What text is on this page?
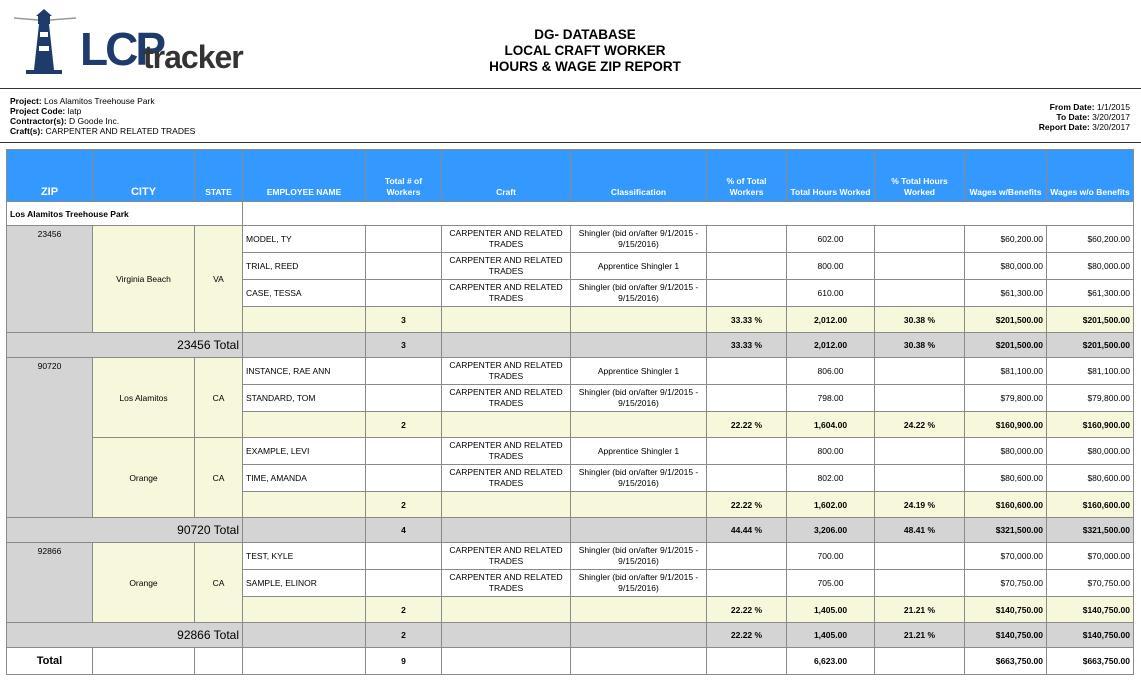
LCP
tracker
DG- DATABASE
LOCAL CRAFT WORKER
HOURS & WAGE ZIP REPORT
Project: Los Alamitos Treehouse Park
Project Code: latp
Contractor(s): D Goode Inc.
Craft(s): CARPENTER AND RELATED TRADES
From Date: 1/1/2015
To Date: 3/20/2017
Report Date: 3/20/2017
ZIP	CITY	STATE	EMPLOYEE NAME	Total # of Workers	Craft	Classification	% of Total Workers	Total Hours Worked	% Total Hours Worked	Wages w/Benefits	Wages w/o Benefits
Los Alamitos Treehouse Park											
23456	Virginia Beach	VA	MODEL, TY		CARPENTER AND RELATED TRADES	Shingler (bid on/after 9/1/2015 - 9/15/2016)		602.00		$60,200.00	$60,200.00
			TRIAL, REED		CARPENTER AND RELATED TRADES	Apprentice Shingler 1		800.00		$80,000.00	$80,000.00
			CASE, TESSA		CARPENTER AND RELATED TRADES	Shingler (bid on/after 9/1/2015 - 9/15/2016)		610.00		$61,300.00	$61,300.00
				3			33.33 %	2,012.00	30.38 %	$201,500.00	$201,500.00
23456 Total				3			33.33 %	2,012.00	30.38 %	$201,500.00	$201,500.00
90720	Los Alamitos	CA	INSTANCE, RAE ANN		CARPENTER AND RELATED TRADES	Apprentice Shingler 1		806.00		$81,100.00	$81,100.00
			STANDARD, TOM		CARPENTER AND RELATED TRADES	Shingler (bid on/after 9/1/2015 - 9/15/2016)		798.00		$79,800.00	$79,800.00
				2			22.22 %	1,604.00	24.22 %	$160,900.00	$160,900.00
	Orange	CA	EXAMPLE, LEVI		CARPENTER AND RELATED TRADES	Apprentice Shingler 1		800.00		$80,000.00	$80,000.00
			TIME, AMANDA		CARPENTER AND RELATED TRADES	Shingler (bid on/after 9/1/2015 - 9/15/2016)		802.00		$80,600.00	$80,600.00
				2			22.22 %	1,602.00	24.19 %	$160,600.00	$160,600.00
90720 Total				4			44.44 %	3,206.00	48.41 %	$321,500.00	$321,500.00
92866	Orange	CA	TEST, KYLE		CARPENTER AND RELATED TRADES	Shingler (bid on/after 9/1/2015 - 9/15/2016)		700.00		$70,000.00	$70,000.00
			SAMPLE, ELINOR		CARPENTER AND RELATED TRADES	Shingler (bid on/after 9/1/2015 - 9/15/2016)		705.00		$70,750.00	$70,750.00
				2			22.22 %	1,405.00	21.21 %	$140,750.00	$140,750.00
92866 Total				2			22.22 %	1,405.00	21.21 %	$140,750.00	$140,750.00
Total				9				6,623.00		$663,750.00	$663,750.00
